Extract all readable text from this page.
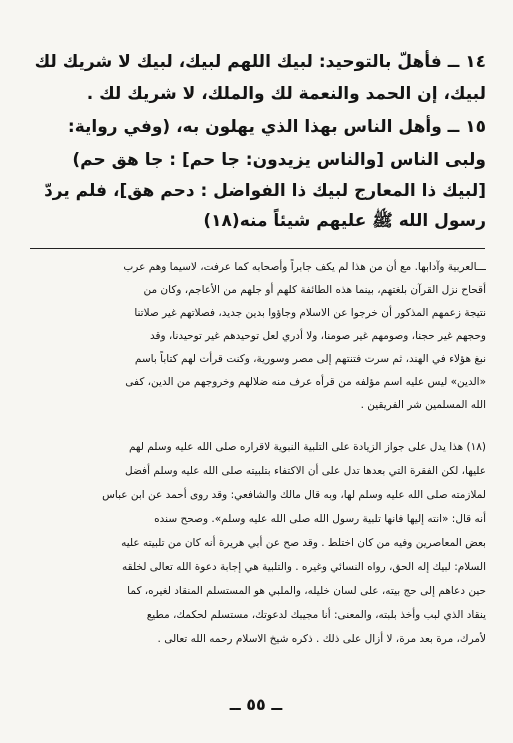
١٤ ــ فأهلّ بالتوحيد: لبيك اللهم لبيك، لبيك لا شريك لك
لبيك، إن الحمد والنعمة لك والملك، لا شريك لك .
١٥ ــ وأهل الناس بهذا الذي يهلون به، (وفي رواية:
ولبى الناس [والناس يزيدون: جا حم] : جا هق حم)
[لبيك ذا المعارج لبيك ذا الفواضل : دحم هق]، فلم يردّ
رسول الله ﷺ عليهم شيئاً منه(١٨)
ـــالعربية وآدابها. مع أن من هذا لم يكف جابراً وأصحابه كما عرفت، لاسيما وهم عرب
أقحاح نزل القرآن بلغتهم، بينما هذه الطائفة كلهم أو جلهم من الأعاجم، وكان من
نتيجة زعمهم المذكور أن خرجوا عن الاسلام وجاؤوا بدين جديد، فصلاتهم غير صلاتنا
وحجهم غير حجنا، وصومهم غير صومنا، ولا أدري لعل توحيدهم غير توحيدنا، وقد
نبغ هؤلاء في الهند، ثم سرت فتنتهم إلى مصر وسورية، وكنت قرأت لهم كتاباً باسم
«الدين» ليس عليه اسم مؤلفه من قرأه عرف منه ضلالهم وخروجهم من الدين، كفى
الله المسلمين شر الفريقين .
(١٨) هذا يدل على جواز الزيادة على التلبية النبوية لاقراره صلى الله عليه وسلم لهم
عليها، لكن الفقرة التي بعدها تدل على أن الاكتفاء بتلبيته صلى الله عليه وسلم أفضل
لملازمته صلى الله عليه وسلم لها، وبه قال مالك والشافعي: وقد روى أحمد عن ابن عباس
أنه قال: «انته إليها فانها تلبية رسول الله صلى الله عليه وسلم». وصحح سنده
بعض المعاصرين وفيه من كان اختلط . وقد صح عن أبي هريرة أنه كان من تلبيته عليه
السلام: لبيك إله الحق، رواه النسائي وغيره . والتلبية هي إجابة دعوة الله تعالى لخلقه
حين دعاهم إلى حج بيته، على لسان خليله، والملبي هو المستسلم المنقاد لغيره، كما
ينقاد الذي لبب وأخذ بلبته، والمعنى: أنا مجيبك لدعوتك، مستسلم لحكمك، مطيع
لأمرك، مرة بعد مرة، لا أزال على ذلك . ذكره شيخ الاسلام رحمه الله تعالى .
ــ ٥٥ ــ
